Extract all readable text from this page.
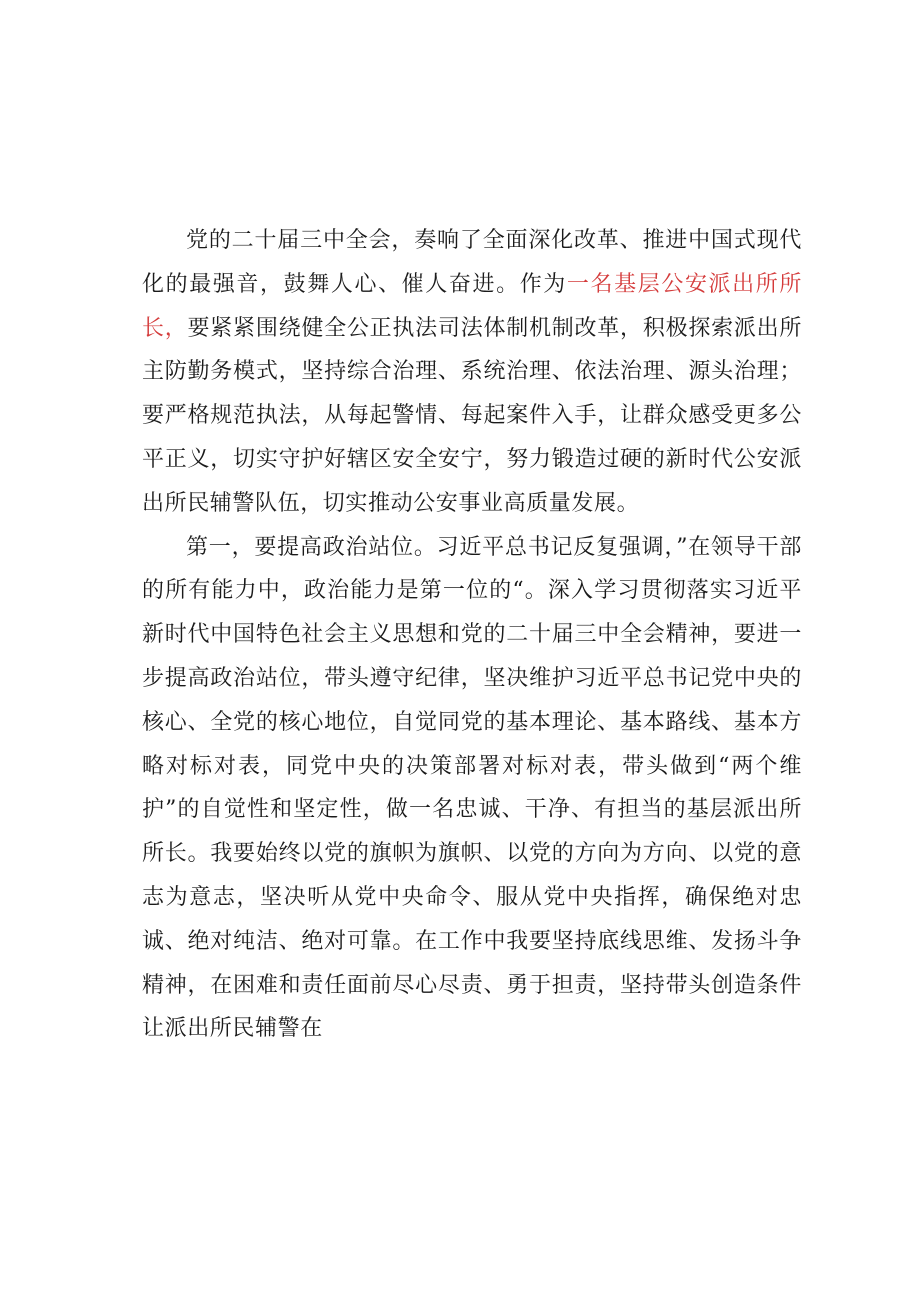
党的二十届三中全会，奏响了全面深化改革、推进中国式现代化的最强音，鼓舞人心、催人奋进。作为一名基层公安派出所所长，要紧紧围绕健全公正执法司法体制机制改革，积极探索派出所主防勤务模式，坚持综合治理、系统治理、依法治理、源头治理；要严格规范执法，从每起警情、每起案件入手，让群众感受更多公平正义，切实守护好辖区安全安宁，努力锻造过硬的新时代公安派出所民辅警队伍，切实推动公安事业高质量发展。

第一，要提高政治站位。习近平总书记反复强调，”在领导干部的所有能力中，政治能力是第一位的“。深入学习贯彻落实习近平新时代中国特色社会主义思想和党的二十届三中全会精神，要进一步提高政治站位，带头遵守纪律，坚决维护习近平总书记党中央的核心、全党的核心地位，自觉同党的基本理论、基本路线、基本方略对标对表，同党中央的决策部署对标对表，带头做到“两个维护”的自觉性和坚定性，做一名忠诚、干净、有担当的基层派出所所长。我要始终以党的旗帜为旗帜、以党的方向为方向、以党的意志为意志，坚决听从党中央命令、服从党中央指挥，确保绝对忠诚、绝对纯洁、绝对可靠。在工作中我要坚持底线思维、发扬斗争精神，在困难和责任面前尽心尽责、勇于担责，坚持带头创造条件让派出所民辅警在
